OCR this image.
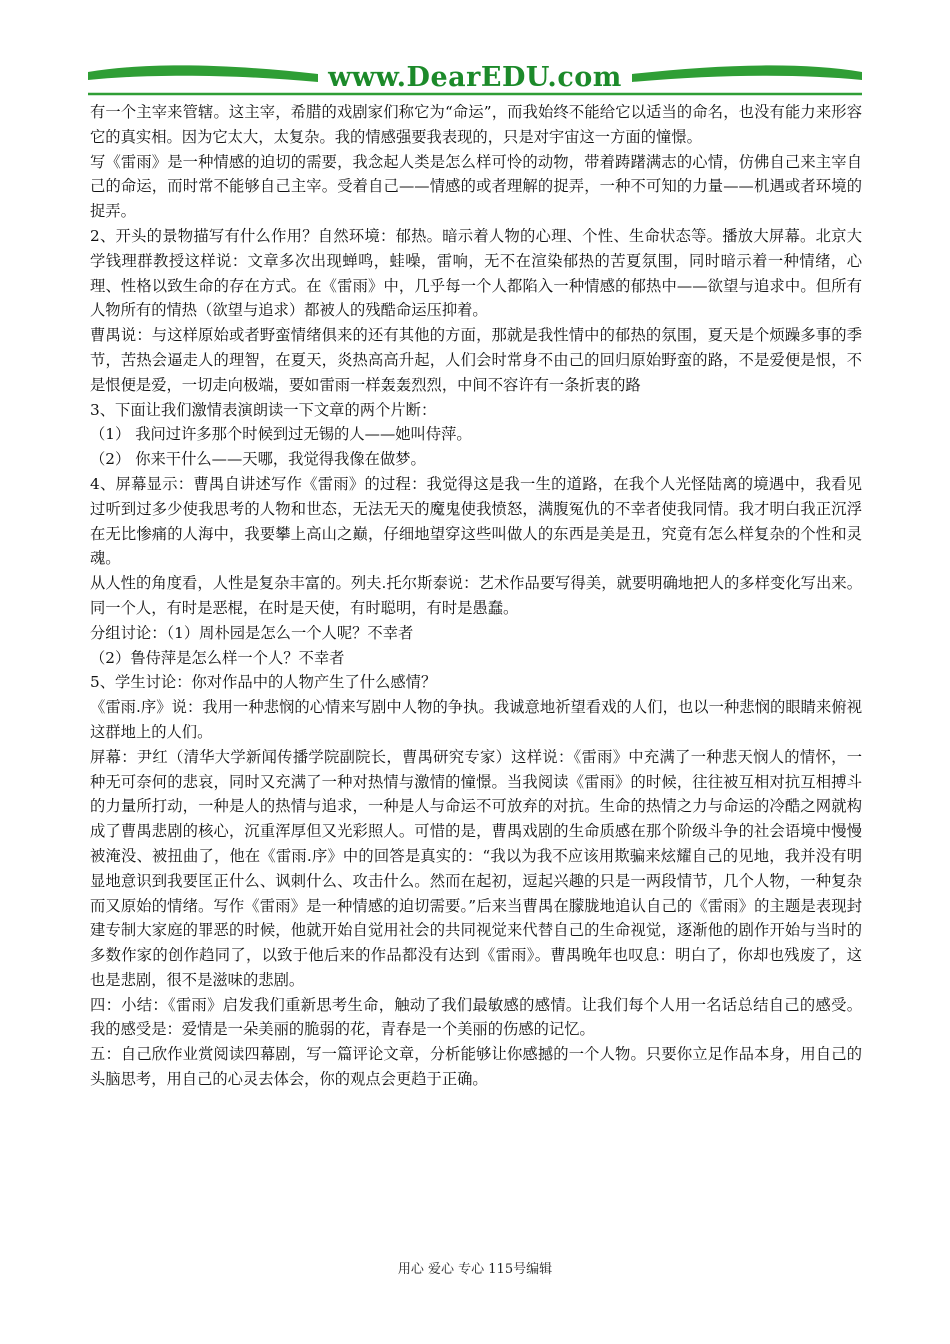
www.DearEDU.com

有一个主宰来管辖。这主宰，希腊的戏剧家们称它为“命运”，而我始终不能给它以适当的命名，也没有能力来形容它的真实相。因为它太大，太复杂。我的情感强要我表现的，只是对宇宙这一方面的憧憬。

写《雷雨》是一种情感的迫切的需要，我念起人类是怎么样可怜的动物，带着踌躇满志的心情，仿佛自己来主宰自己的命运，而时常不能够自己主宰。受着自己——情感的或者理解的捉弄，一种不可知的力量——机遇或者环境的捉弄。

2、开头的景物描写有什么作用？自然环境：郁热。暗示着人物的心理、个性、生命状态等。播放大屏幕。北京大学钱理群教授这样说：文章多次出现蝉鸣，蛙噪，雷响，无不在渲染郁热的苦夏氛围，同时暗示着一种情绪，心理、性格以致生命的存在方式。在《雷雨》中，几乎每一个人都陷入一种情感的郁热中——欲望与追求中。但所有人物所有的情热（欲望与追求）都被人的残酷命运压抑着。

曹禺说：与这样原始或者野蛮情绪俱来的还有其他的方面，那就是我性情中的郁热的氛围，夏天是个烦躁多事的季节，苦热会逼走人的理智，在夏天，炎热高高升起，人们会时常身不由己的回归原始野蛮的路，不是爱便是恨，不是恨便是爱，一切走向极端，要如雷雨一样轰轰烈烈，中间不容许有一条折衷的路

3、下面让我们激情表演朗读一下文章的两个片断：

（1） 我问过许多那个时候到过无锡的人——她叫侍萍。

（2） 你来干什么——天哪，我觉得我像在做梦。

4、屏幕显示：曹禺自讲述写作《雷雨》的过程：我觉得这是我一生的道路，在我个人光怪陆离的境遇中，我看见过听到过多少使我思考的人物和世态，无法无天的魔鬼使我愤怒，满腹冤仇的不幸者使我同情。我才明白我正沉浮在无比惨痛的人海中，我要攀上高山之巅，仔细地望穿这些叫做人的东西是美是丑，究竟有怎么样复杂的个性和灵魂。

从人性的角度看，人性是复杂丰富的。列夫.托尔斯泰说：艺术作品要写得美，就要明确地把人的多样变化写出来。同一个人，有时是恶棍，在时是天使，有时聪明，有时是愚蠢。

分组讨论：（1）周朴园是怎么一个人呢？不幸者

（2）鲁侍萍是怎么样一个人？不幸者

5、学生讨论：你对作品中的人物产生了什么感情？

《雷雨.序》说：我用一种悲悯的心情来写剧中人物的争执。我诚意地祈望看戏的人们，也以一种悲悯的眼睛来俯视这群地上的人们。

屏幕：尹红（清华大学新闻传播学院副院长，曹禺研究专家）这样说：《雷雨》中充满了一种悲天悯人的情怀，一种无可奈何的悲哀，同时又充满了一种对热情与激情的憧憬。当我阅读《雷雨》的时候，往往被互相对抗互相搏斗的力量所打动，一种是人的热情与追求，一种是人与命运不可放弃的对抗。生命的热情之力与命运的冷酷之网就构成了曹禺悲剧的核心，沉重浑厚但又光彩照人。可惜的是，曹禺戏剧的生命质感在那个阶级斗争的社会语境中慢慢被淹没、被扭曲了，他在《雷雨.序》中的回答是真实的：“我以为我不应该用欺骗来炫耀自己的见地，我并没有明显地意识到我要匡正什么、讽刺什么、攻击什么。然而在起初，逗起兴趣的只是一两段情节，几个人物，一种复杂而又原始的情绪。写作《雷雨》是一种情感的迫切需要。”后来当曹禺在朦胧地追认自己的《雷雨》的主题是表现封建专制大家庭的罪恶的时候，他就开始自觉用社会的共同视觉来代替自己的生命视觉，逐渐他的剧作开始与当时的多数作家的创作趋同了，以致于他后来的作品都没有达到《雷雨》。曹禺晚年也叹息：明白了，你却也残废了，这也是悲剧，很不是滋味的悲剧。

四：小结：《雷雨》启发我们重新思考生命，触动了我们最敏感的感情。让我们每个人用一名话总结自己的感受。我的感受是：爱情是一朵美丽的脆弱的花，青春是一个美丽的伤感的记忆。

五：自己欣作业赏阅读四幕剧，写一篇评论文章，分析能够让你感撼的一个人物。只要你立足作品本身，用自己的头脑思考，用自己的心灵去体会，你的观点会更趋于正确。

用心 爱心 专心 115号编辑
